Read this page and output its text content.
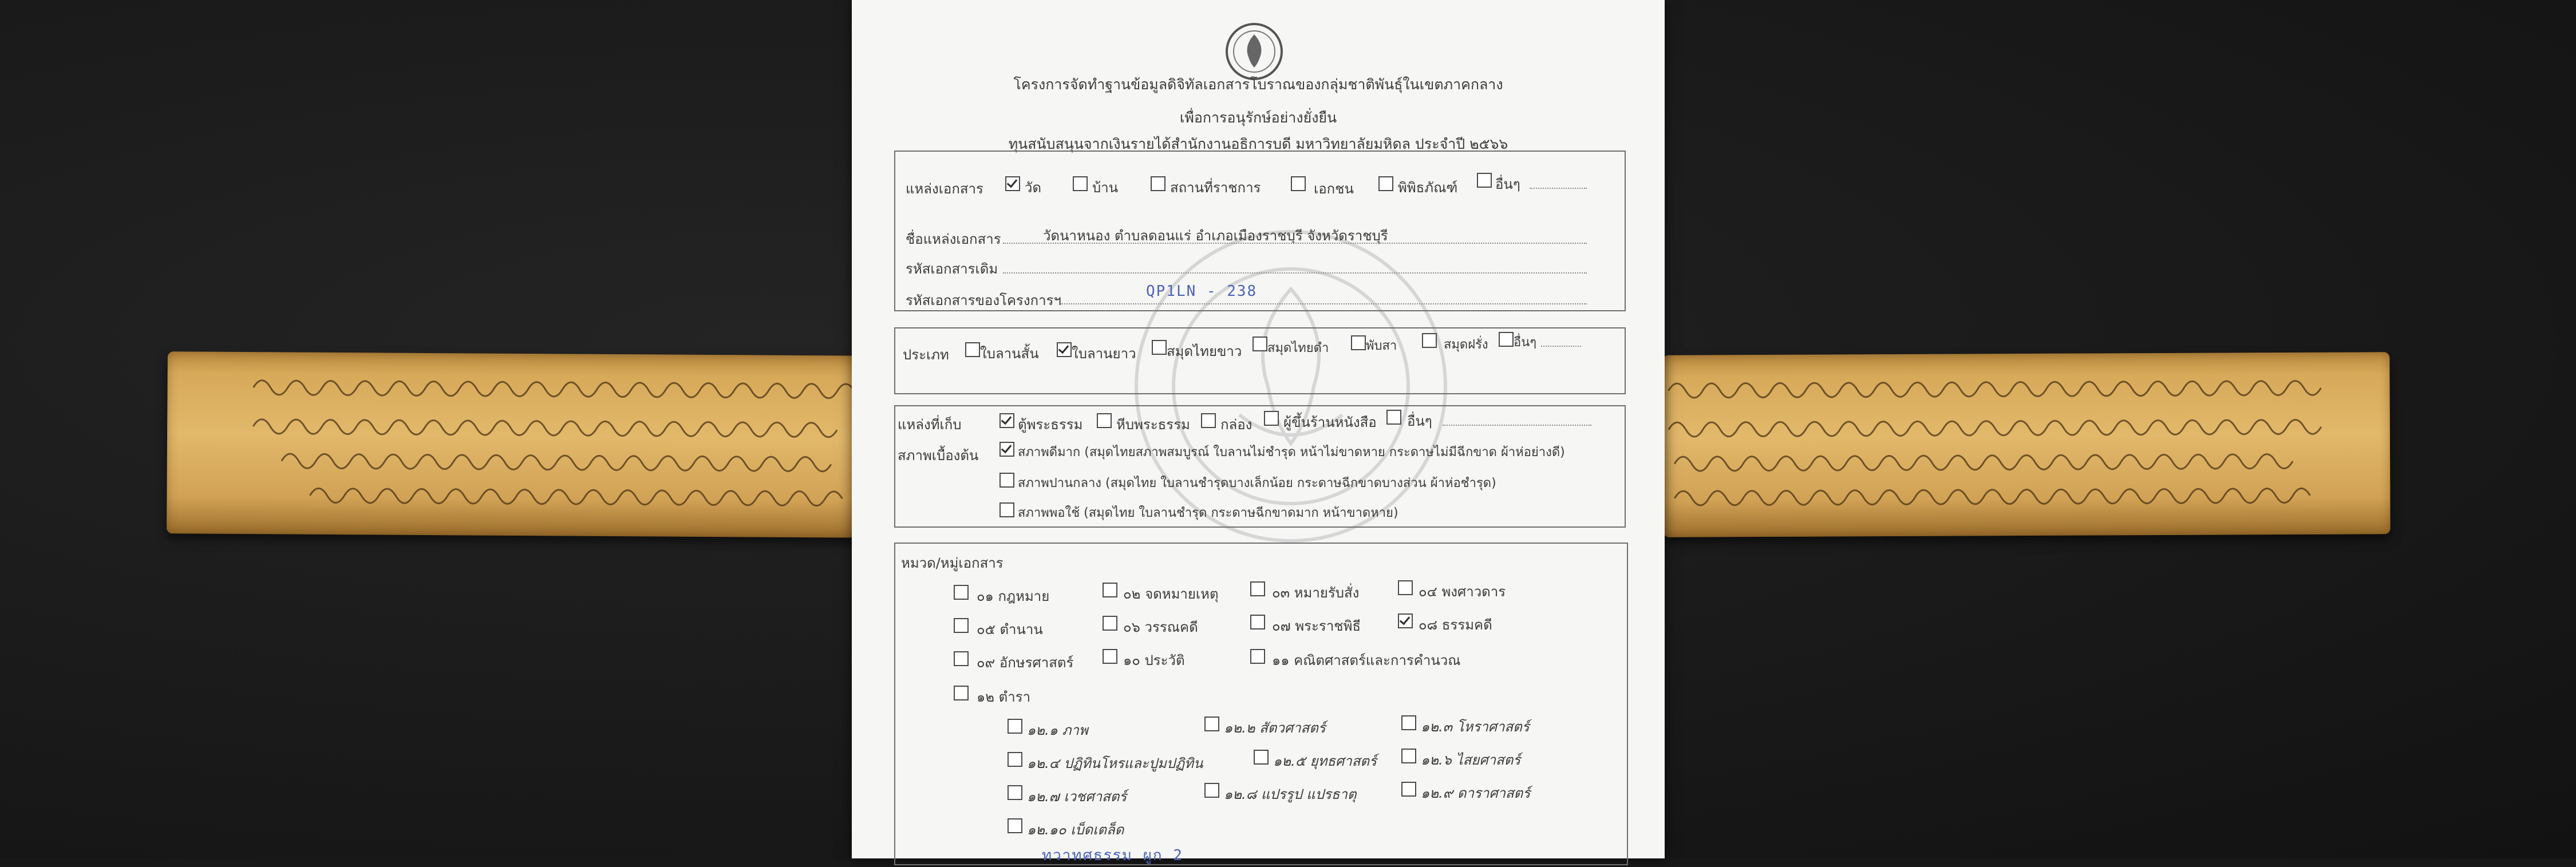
โครงการจัดทำฐานข้อมูลดิจิทัลเอกสารโบราณของกลุ่มชาติพันธุ์ในเขตภาคกลาง
เพื่อการอนุรักษ์อย่างยั่งยืน
ทุนสนับสนุนจากเงินรายได้สำนักงานอธิการบดี มหาวิทยาลัยมหิดล ประจำปี ๒๕๖๖
แหล่งเอกสาร	วัด	บ้าน	สถานที่ราชการ	เอกชน	พิพิธภัณฑ์	อื่นๆ
ชื่อแหล่งเอกสาร	วัดนาหนอง ตำบลดอนแร่ อำเภอเมืองราชบุรี จังหวัดราชบุรี
รหัสเอกสารเดิม
รหัสเอกสารของโครงการฯ
QP1LN - 238
ประเภท ใบลานสั้น ใบลานยาว สมุดไทยขาว สมุดไทยดำ	พับสา	สมุดฝรั่ง อื่นๆ
แหล่งที่เก็บ	ตู้พระธรรม หีบพระธรรม กล่อง ผู้ขึ้นร้านหนังสือ อื่นๆ
สภาพเบื้องต้น	สภาพดีมาก (สมุดไทยสภาพสมบูรณ์ ใบลานไม่ชำรุด หน้าไม่ขาดหาย กระดาษไม่มีฉีกขาด ผ้าห่อย่างดี)
สภาพปานกลาง (สมุดไทย ใบลานชำรุดบางเล็กน้อย กระดาษฉีกขาดบางส่วน ผ้าห่อชำรุด)
สภาพพอใช้ (สมุดไทย ใบลานชำรุด กระดาษฉีกขาดมาก หน้าขาดหาย)
หมวด/หมู่เอกสาร
๐๑ กฎหมาย	๐๒ จดหมายเหตุ	๐๓ หมายรับสั่ง	๐๔ พงศาวดาร
๐๕ ตำนาน	๐๖ วรรณคดี	๐๗ พระราชพิธี	๐๘ ธรรมคดี
๐๙ อักษรศาสตร์	๑๐ ประวัติ	๑๑ คณิตศาสตร์และการคำนวณ
๑๒ ตำรา
๑๒.๑ ภาพ	๑๒.๒ สัตวศาสตร์	๑๒.๓ โหราศาสตร์
๑๒.๔ ปฏิทินโหรและปูมปฏิทิน	๑๒.๕ ยุทธศาสตร์	๑๒.๖ ไสยศาสตร์
๑๒.๗ เวชศาสตร์	๑๒.๘ แปรรูป แปรธาตุ	๑๒.๙ ดาราศาสตร์
๑๒.๑๐ เบ็ดเตล็ด
ทวาทศธรรม ผูก 2
